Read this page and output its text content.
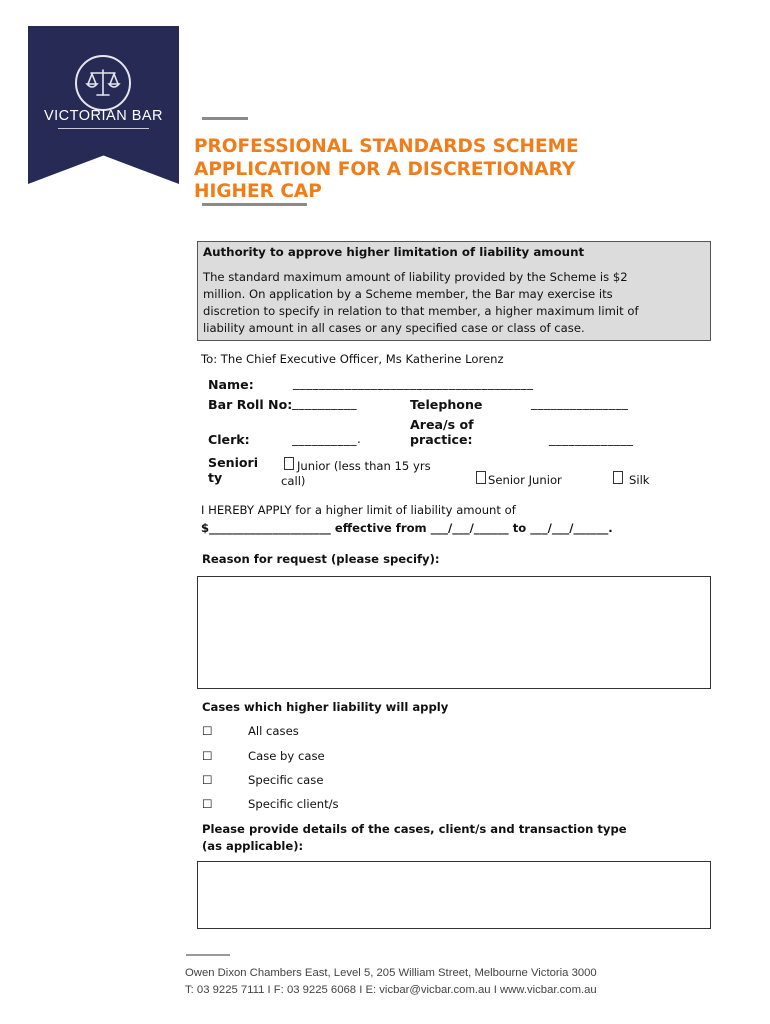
VICTORIAN BAR
PROFESSIONAL STANDARDS SCHEME
APPLICATION FOR A DISCRETIONARY
HIGHER CAP
Authority to approve higher limitation of liability amount
The standard maximum amount of liability provided by the Scheme is $2
million. On application by a Scheme member, the Bar may exercise its
discretion to specify in relation to that member, a higher maximum limit of
liability amount in all cases or any specified case or class of case.
To: The Chief Executive Officer, Ms Katherine Lorenz
Name:	_____________________________________
Bar Roll No: __________	Telephone	_______________
Area/s of
practice:	_____________
Clerk:	__________.
Seniori
ty
Junior (less than 15 yrs
call)	Senior Junior	Silk
I HEREBY APPLY for a higher limit of liability amount of
$_____________________ effective from ___/___/______ to ___/___/______.
Reason for request (please specify):
Cases which higher liability will apply
☐	All cases
☐	Case by case
☐	Specific case
☐	Specific client/s
Please provide details of the cases, client/s and transaction type
(as applicable):
Owen Dixon Chambers East, Level 5, 205 William Street, Melbourne Victoria 3000
T: 03 9225 7111 I F: 03 9225 6068 I E: vicbar@vicbar.com.au I www.vicbar.com.au
